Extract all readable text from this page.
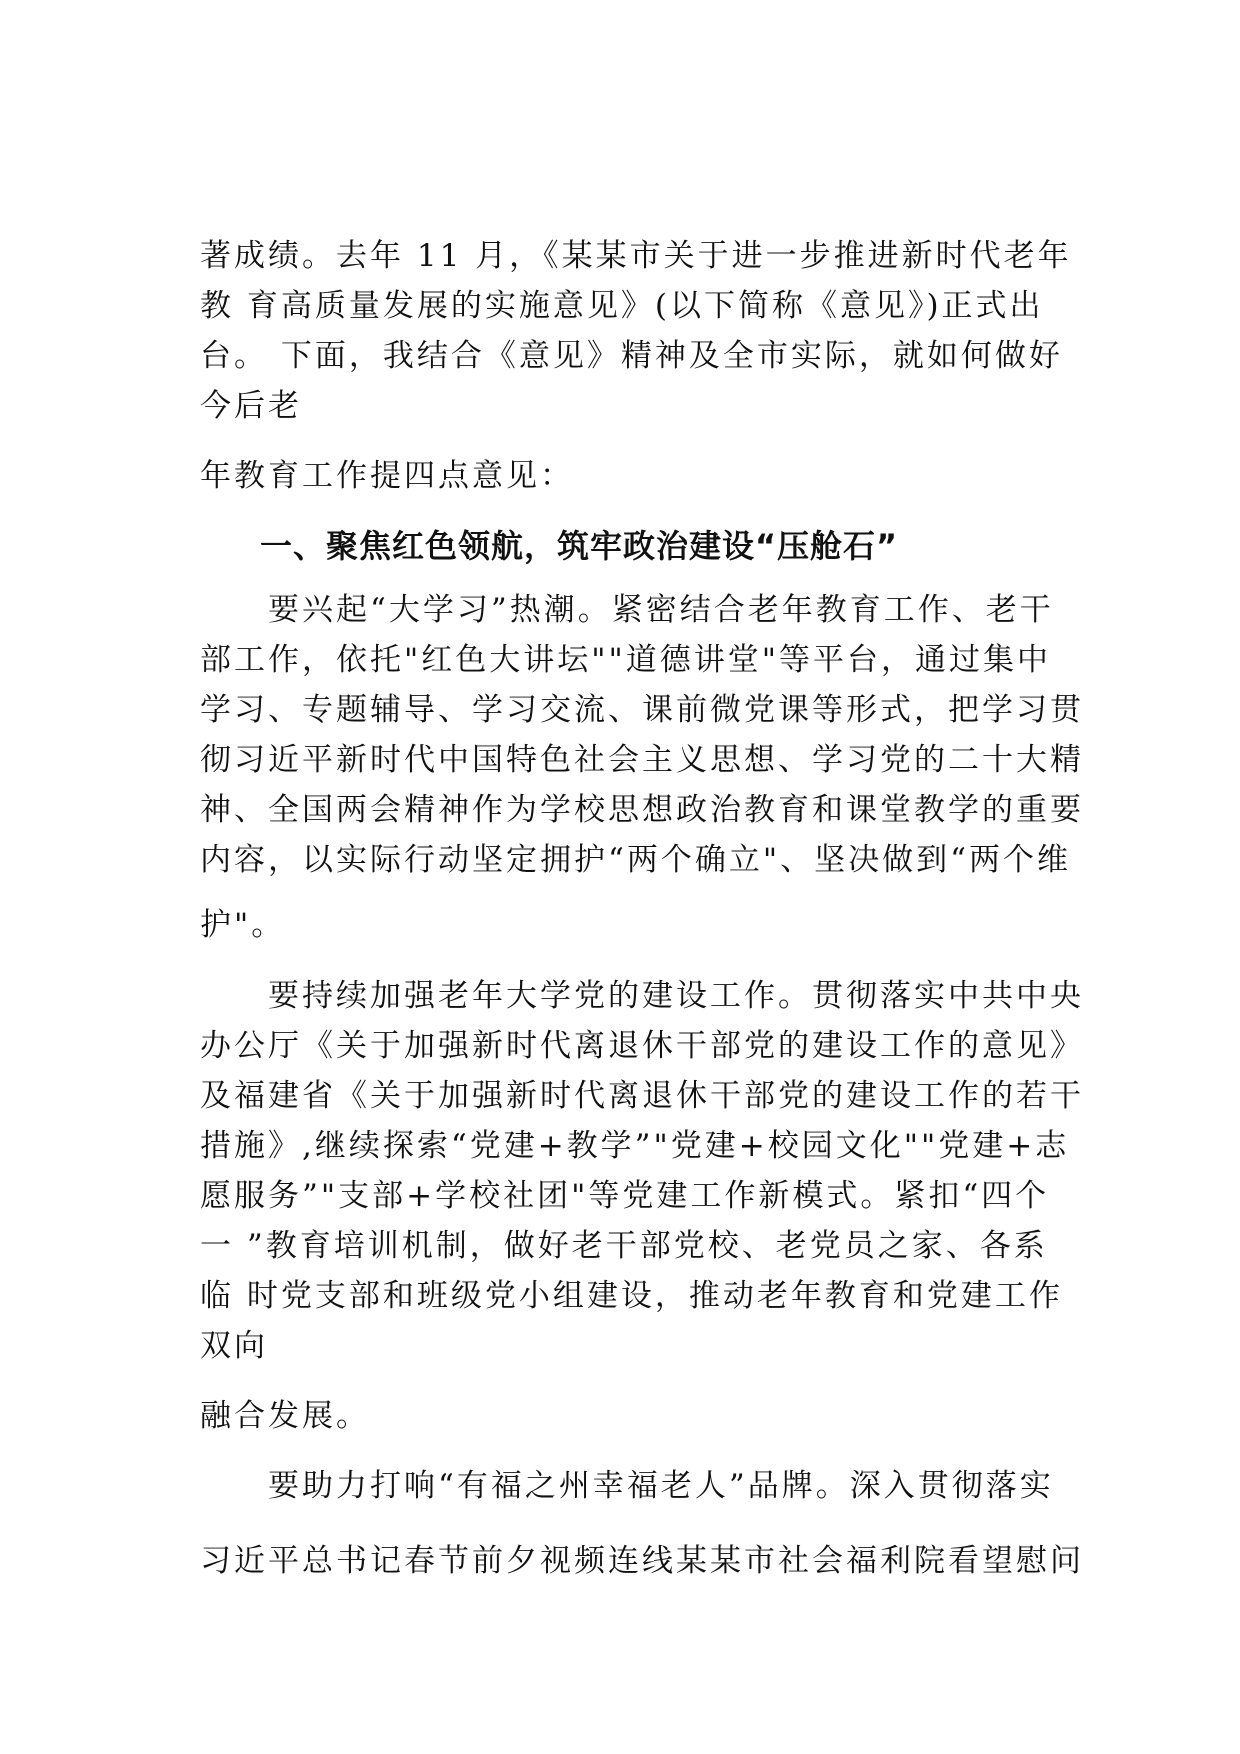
著成绩。去年 11 月，《某某市关于进一步推进新时代老年
教 育高质量发展的实施意见》(以下简称《意见》)正式出
台。 下面，我结合《意见》精神及全市实际，就如何做好
今后老
年教育工作提四点意见：
一、聚焦红色领航，筑牢政治建设“压舱石”
要兴起“大学习”热潮。紧密结合老年教育工作、老干
部工作，依托"红色大讲坛""道德讲堂"等平台，通过集中
学习、专题辅导、学习交流、课前微党课等形式，把学习贯
彻习近平新时代中国特色社会主义思想、学习党的二十大精
神、全国两会精神作为学校思想政治教育和课堂教学的重要
内容，以实际行动坚定拥护“两个确立"、坚决做到“两个维
护"。
要持续加强老年大学党的建设工作。贯彻落实中共中央
办公厅《关于加强新时代离退休干部党的建设工作的意见》
及福建省《关于加强新时代离退休干部党的建设工作的若干
措施》,继续探索“党建+教学”"党建+校园文化""党建+志
愿服务”"支部+学校社团"等党建工作新模式。紧扣“四个
一 ”教育培训机制，做好老干部党校、老党员之家、各系
临 时党支部和班级党小组建设，推动老年教育和党建工作
双向
融合发展。
要助力打响“有福之州幸福老人”品牌。深入贯彻落实
习近平总书记春节前夕视频连线某某市社会福利院看望慰问
